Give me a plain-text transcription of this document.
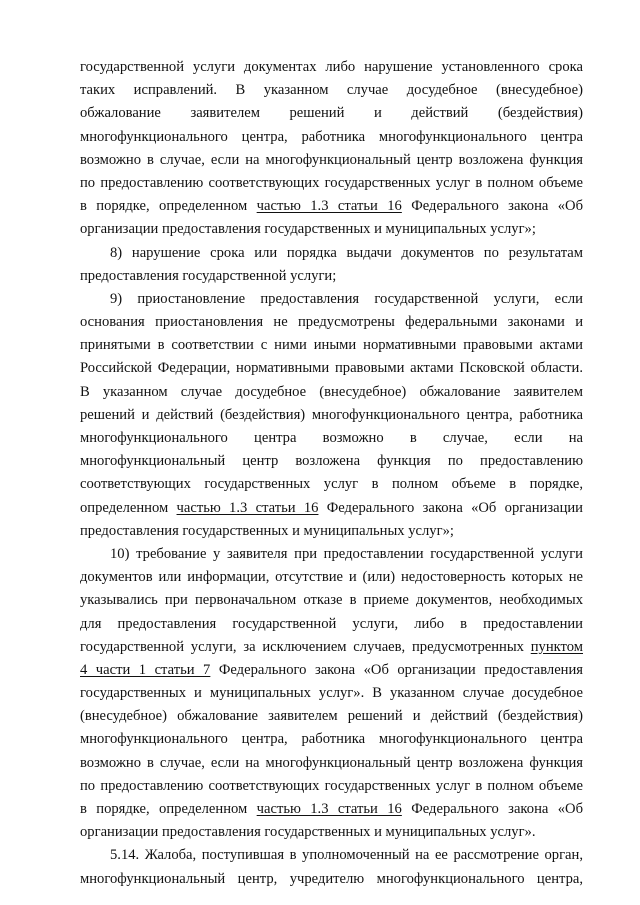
государственной услуги документах либо нарушение установленного срока
таких исправлений. В указанном случае досудебное (внесудебное)
обжалование заявителем решений и действий (бездействия)
многофункционального центра, работника многофункционального центра
возможно в случае, если на многофункциональный центр возложена функция
по предоставлению соответствующих государственных услуг в полном объеме
в порядке, определенном частью 1.3 статьи 16 Федерального закона «Об
организации предоставления государственных и муниципальных услуг»;
8) нарушение срока или порядка выдачи документов по результатам
предоставления государственной услуги;
9) приостановление предоставления государственной услуги, если
основания приостановления не предусмотрены федеральными законами и
принятыми в соответствии с ними иными нормативными правовыми актами
Российской Федерации, нормативными правовыми актами Псковской области.
В указанном случае досудебное (внесудебное) обжалование заявителем
решений и действий (бездействия) многофункционального центра, работника
многофункционального центра возможно в случае, если на
многофункциональный центр возложена функция по предоставлению
соответствующих государственных услуг в полном объеме в порядке,
определенном частью 1.3 статьи 16 Федерального закона «Об организации
предоставления государственных и муниципальных услуг»;
10) требование у заявителя при предоставлении государственной услуги
документов или информации, отсутствие и (или) недостоверность которых не
указывались при первоначальном отказе в приеме документов, необходимых
для предоставления государственной услуги, либо в предоставлении
государственной услуги, за исключением случаев, предусмотренных пунктом
4 части 1 статьи 7 Федерального закона «Об организации предоставления
государственных и муниципальных услуг». В указанном случае досудебное
(внесудебное) обжалование заявителем решений и действий (бездействия)
многофункционального центра, работника многофункционального центра
возможно в случае, если на многофункциональный центр возложена функция
по предоставлению соответствующих государственных услуг в полном объеме
в порядке, определенном частью 1.3 статьи 16 Федерального закона «Об
организации предоставления государственных и муниципальных услуг».
5.14. Жалоба, поступившая в уполномоченный на ее рассмотрение орган,
многофункциональный центр, учредителю многофункционального центра,
